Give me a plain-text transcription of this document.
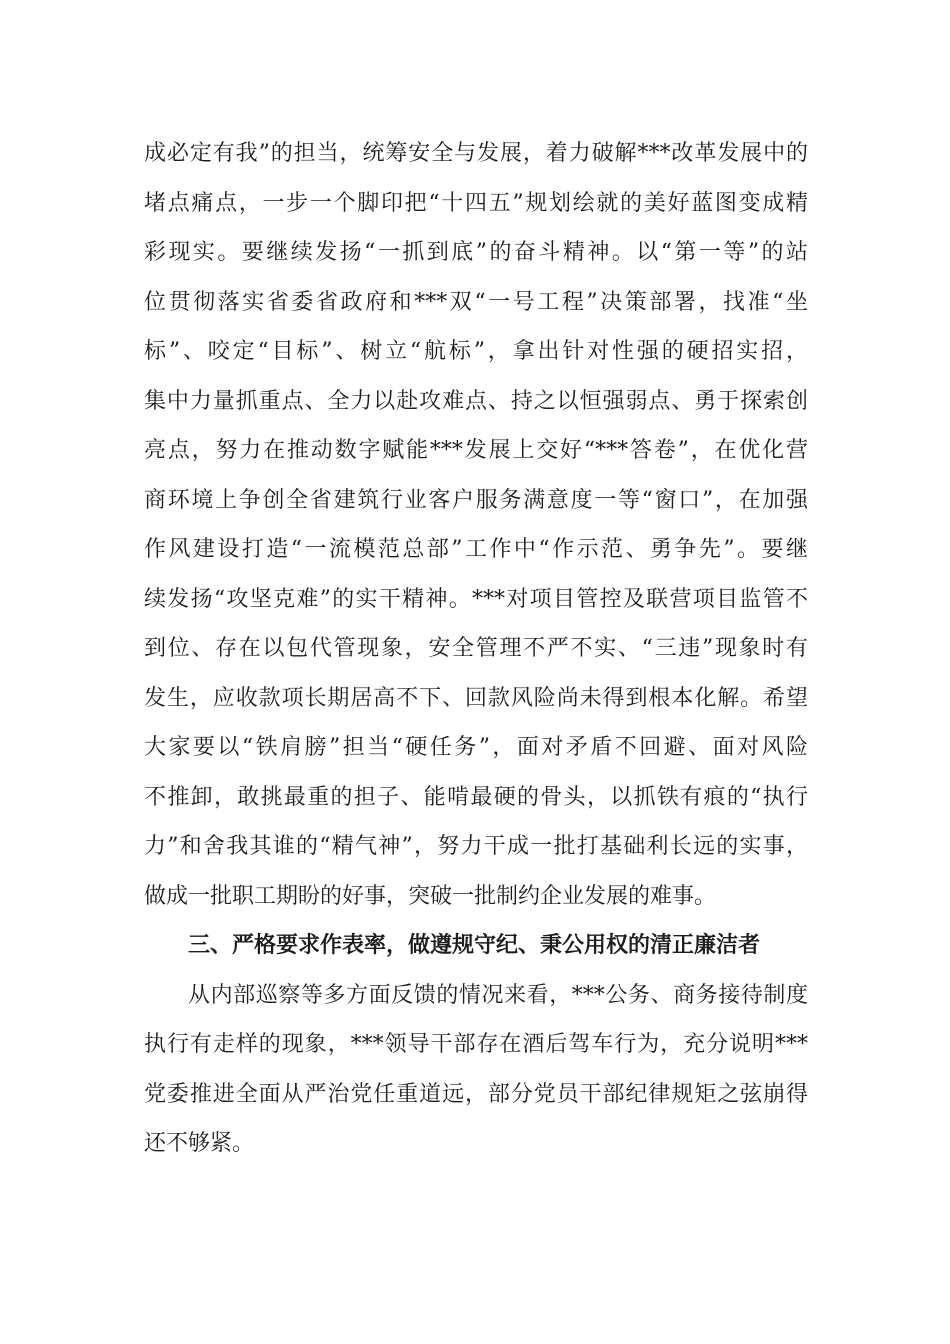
成必定有我”的担当，统筹安全与发展，着力破解***改革发展中的
堵点痛点，一步一个脚印把“十四五”规划绘就的美好蓝图变成精
彩现实。要继续发扬“一抓到底”的奋斗精神。以“第一等”的站
位贯彻落实省委省政府和***双“一号工程”决策部署，找准“坐
标”、咬定“目标”、树立“航标”，拿出针对性强的硬招实招，
集中力量抓重点、全力以赴攻难点、持之以恒强弱点、勇于探索创
亮点，努力在推动数字赋能***发展上交好“***答卷”，在优化营
商环境上争创全省建筑行业客户服务满意度一等“窗口”，在加强
作风建设打造“一流模范总部”工作中“作示范、勇争先”。要继
续发扬“攻坚克难”的实干精神。***对项目管控及联营项目监管不
到位、存在以包代管现象，安全管理不严不实、“三违”现象时有
发生，应收款项长期居高不下、回款风险尚未得到根本化解。希望
大家要以“铁肩膀”担当“硬任务”，面对矛盾不回避、面对风险
不推卸，敢挑最重的担子、能啃最硬的骨头，以抓铁有痕的“执行
力”和舍我其谁的“精气神”，努力干成一批打基础利长远的实事，
做成一批职工期盼的好事，突破一批制约企业发展的难事。
三、严格要求作表率，做遵规守纪、秉公用权的清正廉洁者
从内部巡察等多方面反馈的情况来看，***公务、商务接待制度
执行有走样的现象，***领导干部存在酒后驾车行为，充分说明***
党委推进全面从严治党任重道远，部分党员干部纪律规矩之弦崩得
还不够紧。
